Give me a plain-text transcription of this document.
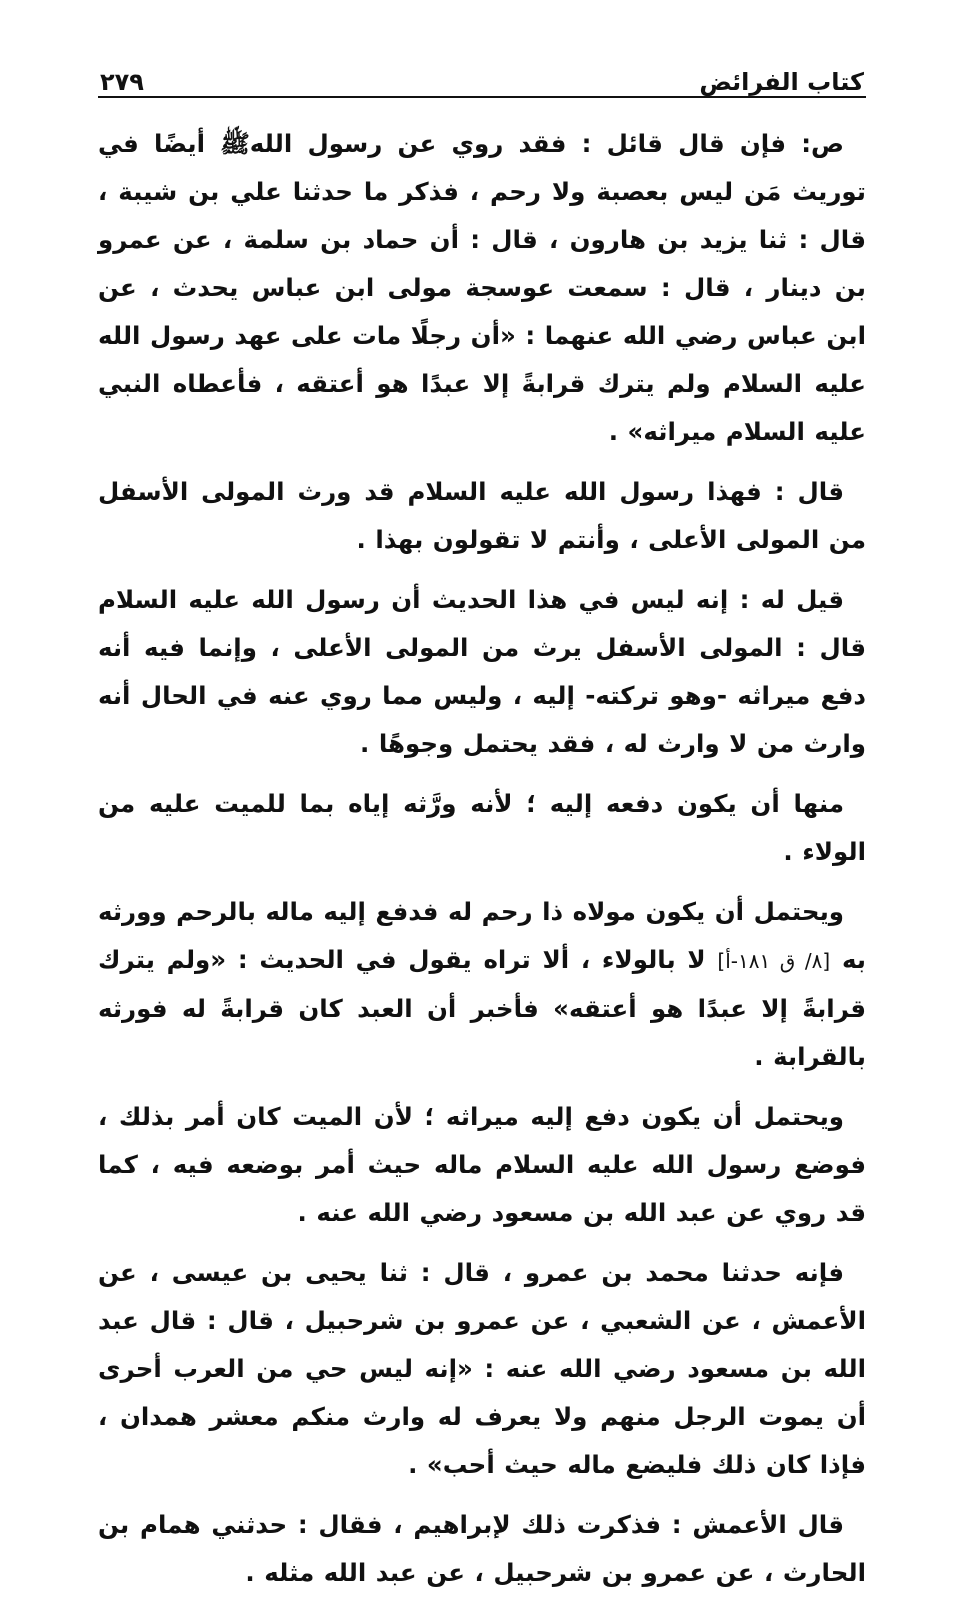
كتاب الفرائض
٢٧٩

ص: فإن قال قائل : فقد روي عن رسول اللهﷺ أيضًا في توريث مَن ليس بعصبة ولا رحم ، فذكر ما حدثنا علي بن شيبة ، قال : ثنا يزيد بن هارون ، قال : أن حماد بن سلمة ، عن عمرو بن دينار ، قال : سمعت عوسجة مولى ابن عباس يحدث ، عن ابن عباس رضي الله عنهما : «أن رجلًا مات على عهد رسول الله عليه السلام ولم يترك قرابةً إلا عبدًا هو أعتقه ، فأعطاه النبي عليه السلام ميراثه» .

قال : فهذا رسول الله عليه السلام قد ورث المولى الأسفل من المولى الأعلى ، وأنتم لا تقولون بهذا .

قيل له : إنه ليس في هذا الحديث أن رسول الله عليه السلام قال : المولى الأسفل يرث من المولى الأعلى ، وإنما فيه أنه دفع ميراثه -وهو تركته- إليه ، وليس مما روي عنه في الحال أنه وارث من لا وارث له ، فقد يحتمل وجوهًا .

منها أن يكون دفعه إليه ؛ لأنه ورَّثه إياه بما للميت عليه من الولاء .

ويحتمل أن يكون مولاه ذا رحم له فدفع إليه ماله بالرحم وورثه به [٨/ ق ١٨١-أ] لا بالولاء ، ألا تراه يقول في الحديث : «ولم يترك قرابةً إلا عبدًا هو أعتقه» فأخبر أن العبد كان قرابةً له فورثه بالقرابة .

ويحتمل أن يكون دفع إليه ميراثه ؛ لأن الميت كان أمر بذلك ، فوضع رسول الله عليه السلام ماله حيث أمر بوضعه فيه ، كما قد روي عن عبد الله بن مسعود رضي الله عنه .

فإنه حدثنا محمد بن عمرو ، قال : ثنا يحيى بن عيسى ، عن الأعمش ، عن الشعبي ، عن عمرو بن شرحبيل ، قال : قال عبد الله بن مسعود رضي الله عنه : «إنه ليس حي من العرب أحرى أن يموت الرجل منهم ولا يعرف له وارث منكم معشر همدان ، فإذا كان ذلك فليضع ماله حيث أحب» .

قال الأعمش : فذكرت ذلك لإبراهيم ، فقال : حدثني همام بن الحارث ، عن عمرو بن شرحبيل ، عن عبد الله مثله .
